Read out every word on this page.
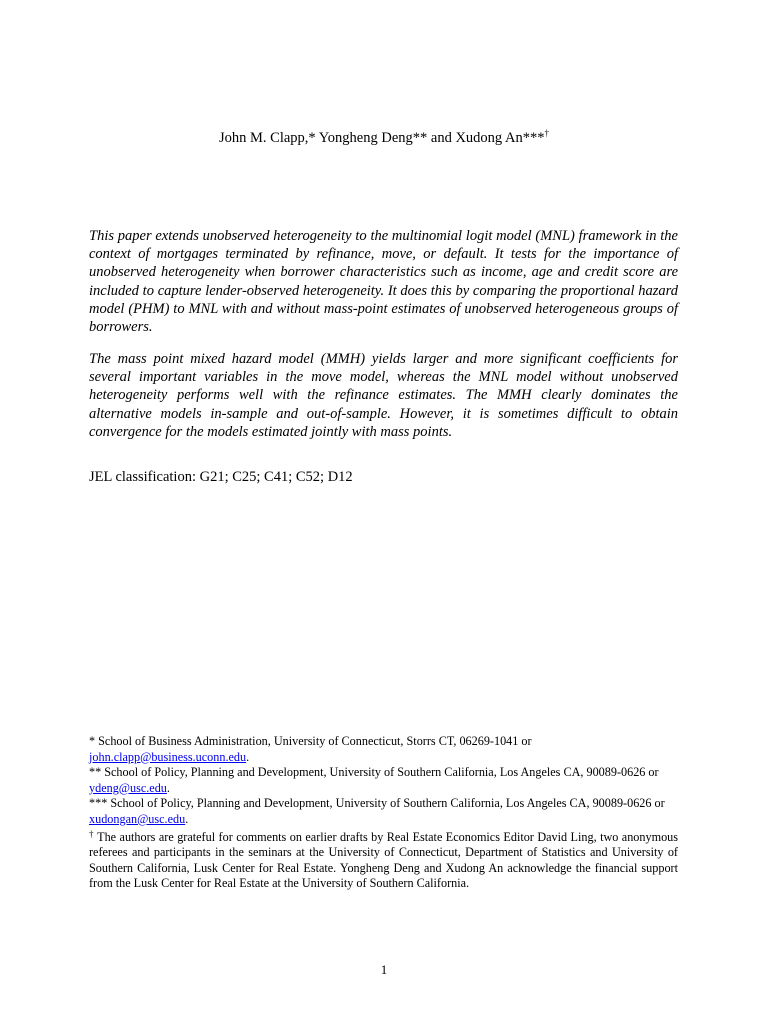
John M. Clapp,* Yongheng Deng** and Xudong An***†

This paper extends unobserved heterogeneity to the multinomial logit model (MNL) framework in the context of mortgages terminated by refinance, move, or default. It tests for the importance of unobserved heterogeneity when borrower characteristics such as income, age and credit score are included to capture lender-observed heterogeneity. It does this by comparing the proportional hazard model (PHM) to MNL with and without mass-point estimates of unobserved heterogeneous groups of borrowers.

The mass point mixed hazard model (MMH) yields larger and more significant coefficients for several important variables in the move model, whereas the MNL model without unobserved heterogeneity performs well with the refinance estimates. The MMH clearly dominates the alternative models in-sample and out-of-sample. However, it is sometimes difficult to obtain convergence for the models estimated jointly with mass points.

JEL classification: G21; C25; C41; C52; D12

* School of Business Administration, University of Connecticut, Storrs CT, 06269-1041 or
john.clapp@business.uconn.edu.

** School of Policy, Planning and Development, University of Southern California, Los Angeles CA, 90089-0626 or ydeng@usc.edu.

*** School of Policy, Planning and Development, University of Southern California, Los Angeles CA, 90089-0626 or xudongan@usc.edu.

† The authors are grateful for comments on earlier drafts by Real Estate Economics Editor David Ling, two anonymous referees and participants in the seminars at the University of Connecticut, Department of Statistics and University of Southern California, Lusk Center for Real Estate. Yongheng Deng and Xudong An acknowledge the financial support from the Lusk Center for Real Estate at the University of Southern California.

1
